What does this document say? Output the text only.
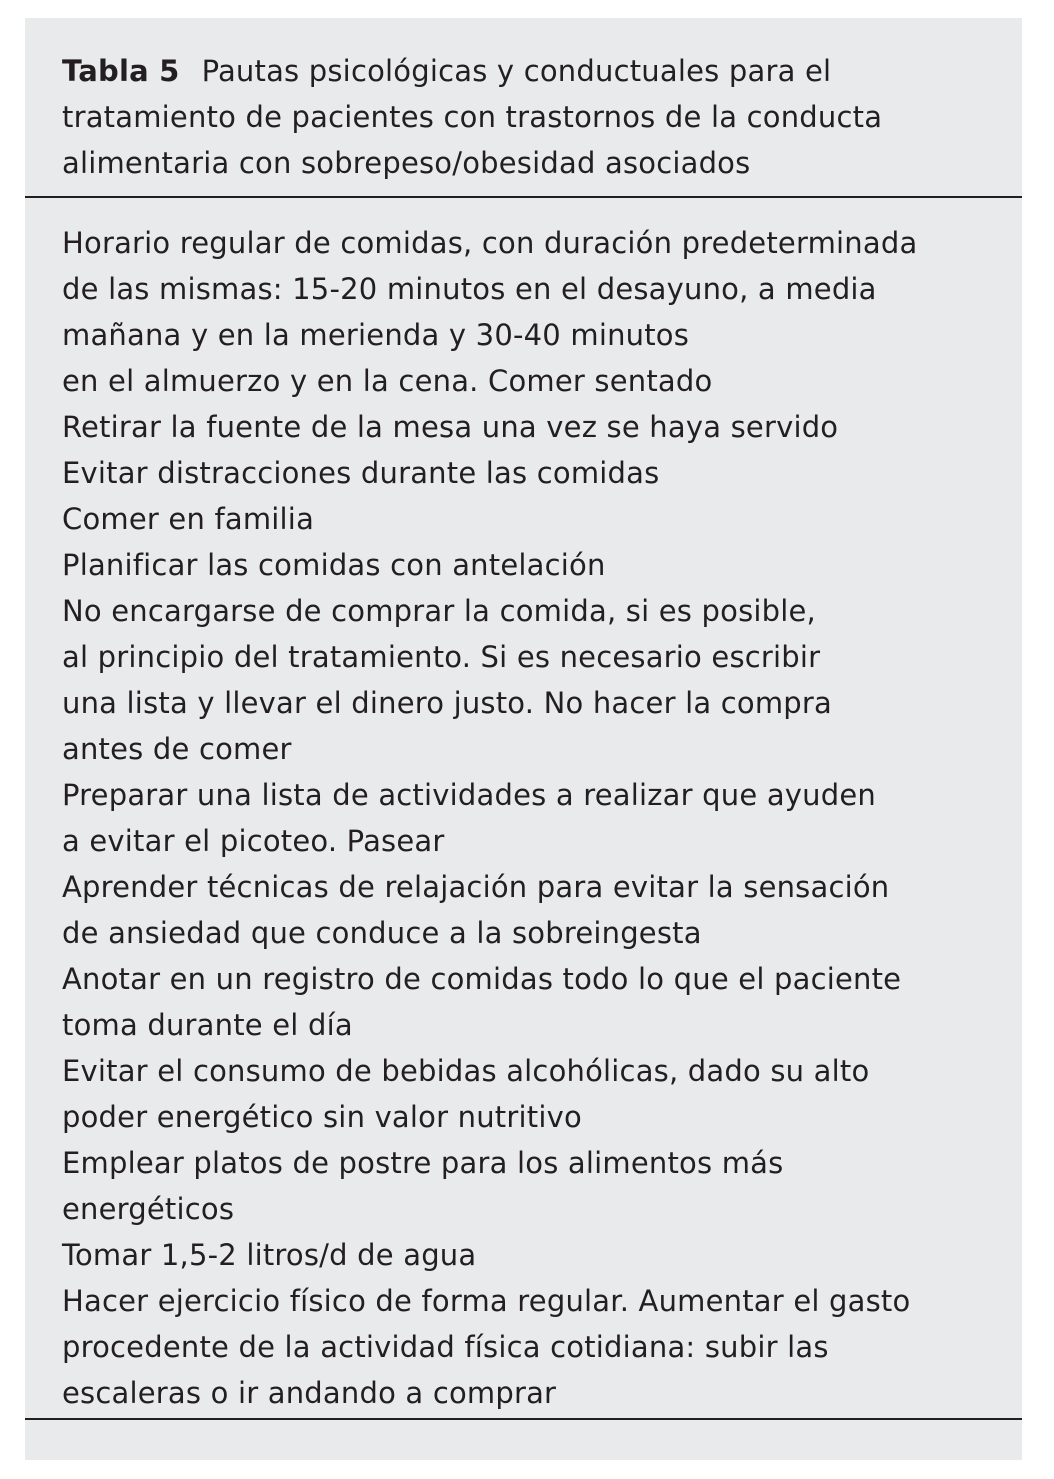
Tabla 5 Pautas psicológicas y conductuales para el
tratamiento de pacientes con trastornos de la conducta
alimentaria con sobrepeso/obesidad asociados
Horario regular de comidas, con duración predeterminada
de las mismas: 15-20 minutos en el desayuno, a media
mañana y en la merienda y 30-40 minutos
en el almuerzo y en la cena. Comer sentado
Retirar la fuente de la mesa una vez se haya servido
Evitar distracciones durante las comidas
Comer en familia
Planificar las comidas con antelación
No encargarse de comprar la comida, si es posible,
al principio del tratamiento. Si es necesario escribir
una lista y llevar el dinero justo. No hacer la compra
antes de comer
Preparar una lista de actividades a realizar que ayuden
a evitar el picoteo. Pasear
Aprender técnicas de relajación para evitar la sensación
de ansiedad que conduce a la sobreingesta
Anotar en un registro de comidas todo lo que el paciente
toma durante el día
Evitar el consumo de bebidas alcohólicas, dado su alto
poder energético sin valor nutritivo
Emplear platos de postre para los alimentos más
energéticos
Tomar 1,5-2 litros/d de agua
Hacer ejercicio físico de forma regular. Aumentar el gasto
procedente de la actividad física cotidiana: subir las
escaleras o ir andando a comprar
